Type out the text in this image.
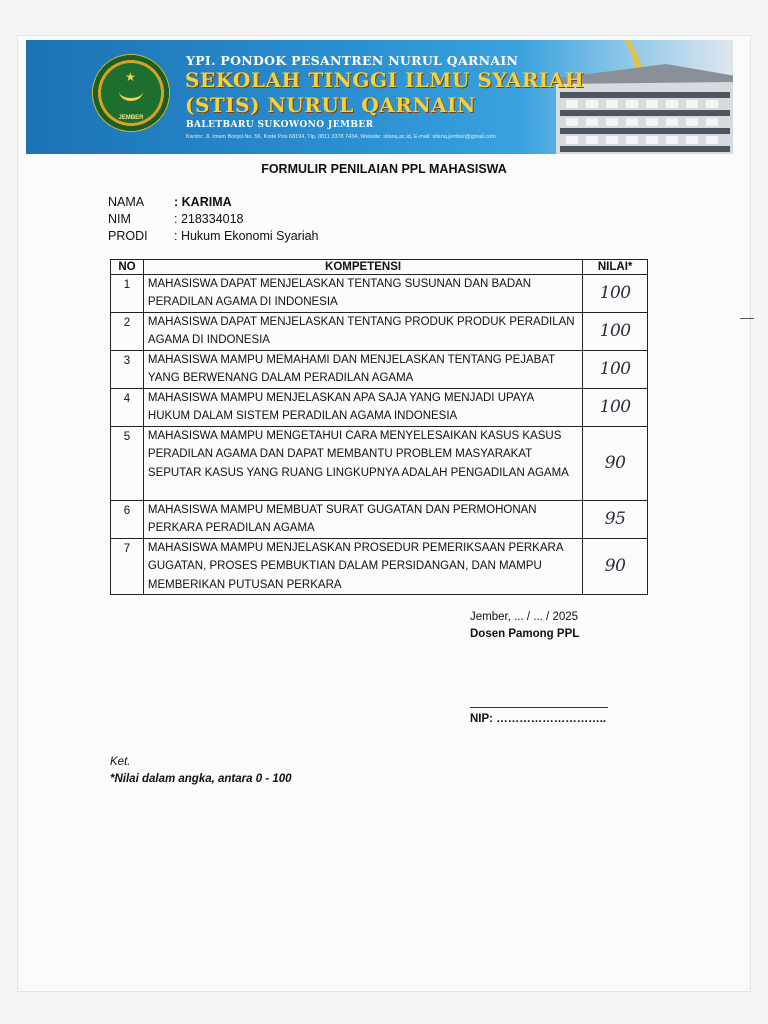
★
JEMBER
YPI. PONDOK PESANTREN NURUL QARNAIN
SEKOLAH TINGGI ILMU SYARIAH
(STIS) NURUL QARNAIN
BALETBARU SUKOWONO JEMBER
Kantor: Jl. Imam Bonjol No. 56, Kode Pos 68194, Tlp. 0811 3378 7434, Website: stisnq.ac.id, E-mail: stisnq.jember@gmail.com
FORMULIR PENILAIAN PPL MAHASISWA
NAMA : KARIMA
NIM	: 218334018
PRODI : Hukum Ekonomi Syariah
NO	KOMPETENSI	NILAI*
1	MAHASISWA DAPAT MENJELASKAN TENTANG SUSUNAN DAN BADAN PERADILAN AGAMA DI INDONESIA	100
2	MAHASISWA DAPAT MENJELASKAN TENTANG PRODUK PRODUK PERADILAN AGAMA DI INDONESIA	100
3	MAHASISWA MAMPU MEMAHAMI DAN MENJELASKAN TENTANG PEJABAT YANG BERWENANG DALAM PERADILAN AGAMA	100
4	MAHASISWA MAMPU MENJELASKAN APA SAJA YANG MENJADI UPAYA HUKUM DALAM SISTEM PERADILAN AGAMA INDONESIA	100
5	MAHASISWA MAMPU MENGETAHUI CARA MENYELESAIKAN KASUS KASUS PERADILAN AGAMA DAN DAPAT MEMBANTU PROBLEM MASYARAKAT SEPUTAR KASUS YANG RUANG LINGKUPNYA ADALAH PENGADILAN AGAMA	90
6	MAHASISWA MAMPU MEMBUAT SURAT GUGATAN DAN PERMOHONAN PERKARA PERADILAN AGAMA	95
7	MAHASISWA MAMPU MENJELASKAN PROSEDUR PEMERIKSAAN PERKARA GUGATAN, PROSES PEMBUKTIAN DALAM PERSIDANGAN, DAN MAMPU MEMBERIKAN PUTUSAN PERKARA	90
Jember, ... / ... / 2025
Dosen Pamong PPL
NIP: ………………………..
Ket.
*Nilai dalam angka, antara 0 - 100
